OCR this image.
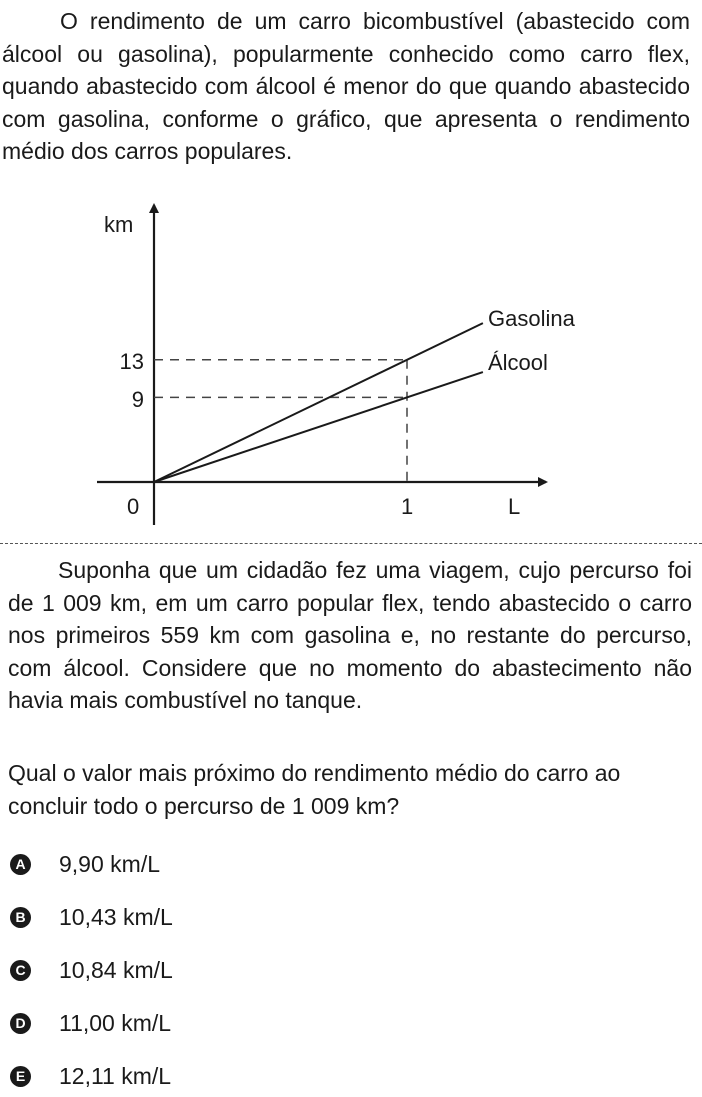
O rendimento de um carro bicombustível (abastecido com álcool ou gasolina), popularmente conhecido como carro flex, quando abastecido com álcool é menor do que quando abastecido com gasolina, conforme o gráfico, que apresenta o rendimento médio dos carros populares.

km
L
0	1
13
9
Gasolina
Álcool

Suponha que um cidadão fez uma viagem, cujo percurso foi de 1 009 km, em um carro popular flex, tendo abastecido o carro nos primeiros 559 km com gasolina e, no restante do percurso, com álcool. Considere que no momento do abastecimento não havia mais combustível no tanque.

Qual o valor mais próximo do rendimento médio do carro ao concluir todo o percurso de 1 009 km?

A 9,90 km/L
B 10,43 km/L
C 10,84 km/L
D 11,00 km/L
E 12,11 km/L
